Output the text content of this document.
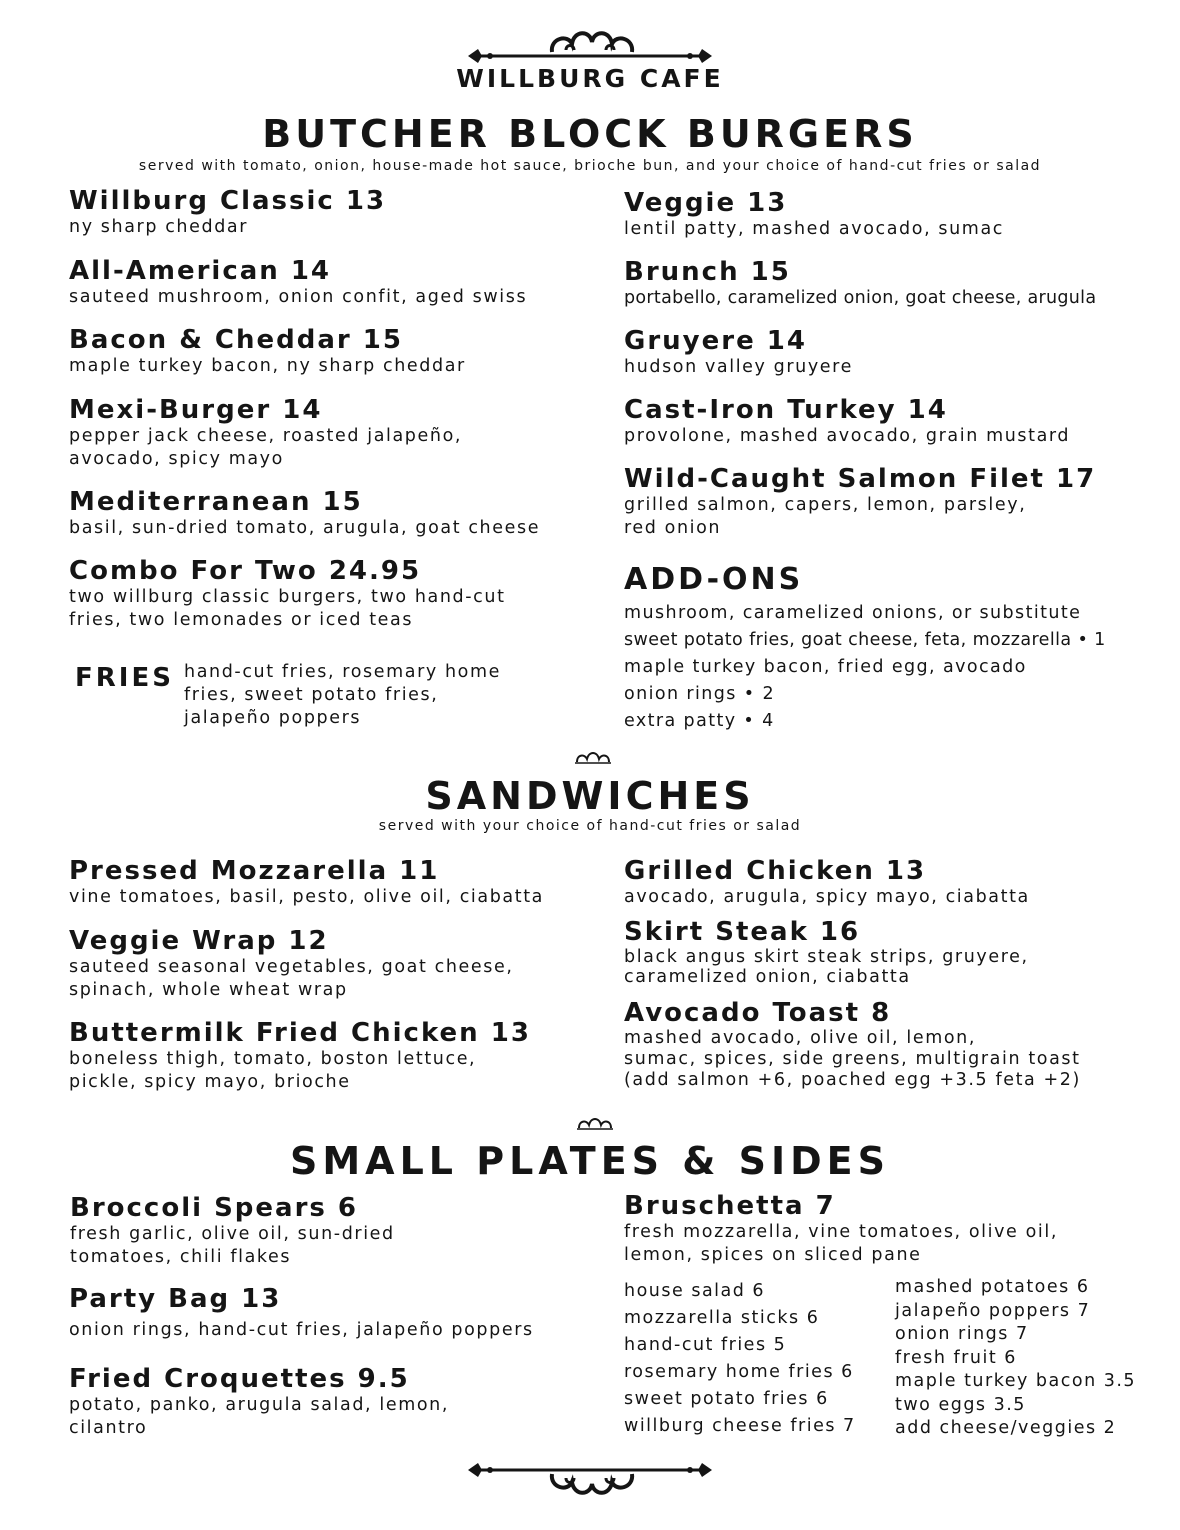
WILLBURG CAFE
BUTCHER BLOCK BURGERS
served with tomato, onion, house-made hot sauce, brioche bun, and your choice of hand-cut fries or salad
Willburg Classic 13
ny sharp cheddar
All-American 14
sauteed mushroom, onion confit, aged swiss
Bacon & Cheddar 15
maple turkey bacon, ny sharp cheddar
Mexi-Burger 14
pepper jack cheese, roasted jalapeño,
avocado, spicy mayo
Mediterranean 15
basil, sun-dried tomato, arugula, goat cheese
Combo For Two 24.95
two willburg classic burgers, two hand-cut
fries, two lemonades or iced teas
FRIES hand-cut fries, rosemary home
fries, sweet potato fries,
jalapeño poppers
Veggie 13
lentil patty, mashed avocado, sumac
Brunch 15
portabello, caramelized onion, goat cheese, arugula
Gruyere 14
hudson valley gruyere
Cast-Iron Turkey 14
provolone, mashed avocado, grain mustard
Wild-Caught Salmon Filet 17
grilled salmon, capers, lemon, parsley,
red onion
ADD-ONS
mushroom, caramelized onions, or substitute
sweet potato fries, goat cheese, feta, mozzarella • 1
maple turkey bacon, fried egg, avocado
onion rings • 2
extra patty • 4
SANDWICHES
served with your choice of hand-cut fries or salad
Pressed Mozzarella 11
vine tomatoes, basil, pesto, olive oil, ciabatta
Veggie Wrap 12
sauteed seasonal vegetables, goat cheese,
spinach, whole wheat wrap
Buttermilk Fried Chicken 13
boneless thigh, tomato, boston lettuce,
pickle, spicy mayo, brioche
Grilled Chicken 13
avocado, arugula, spicy mayo, ciabatta
Skirt Steak 16
black angus skirt steak strips, gruyere,
caramelized onion, ciabatta
Avocado Toast 8
mashed avocado, olive oil, lemon,
sumac, spices, side greens, multigrain toast
(add salmon +6, poached egg +3.5 feta +2)
SMALL PLATES & SIDES
Broccoli Spears 6
fresh garlic, olive oil, sun-dried
tomatoes, chili flakes
Party Bag 13
onion rings, hand-cut fries, jalapeño poppers
Fried Croquettes 9.5
potato, panko, arugula salad, lemon,
cilantro
Bruschetta 7
fresh mozzarella, vine tomatoes, olive oil,
lemon, spices on sliced pane
house salad 6
mozzarella sticks 6
hand-cut fries 5
rosemary home fries 6
sweet potato fries 6
willburg cheese fries 7
mashed potatoes 6
jalapeño poppers 7
onion rings 7
fresh fruit 6
maple turkey bacon 3.5
two eggs 3.5
add cheese/veggies 2
